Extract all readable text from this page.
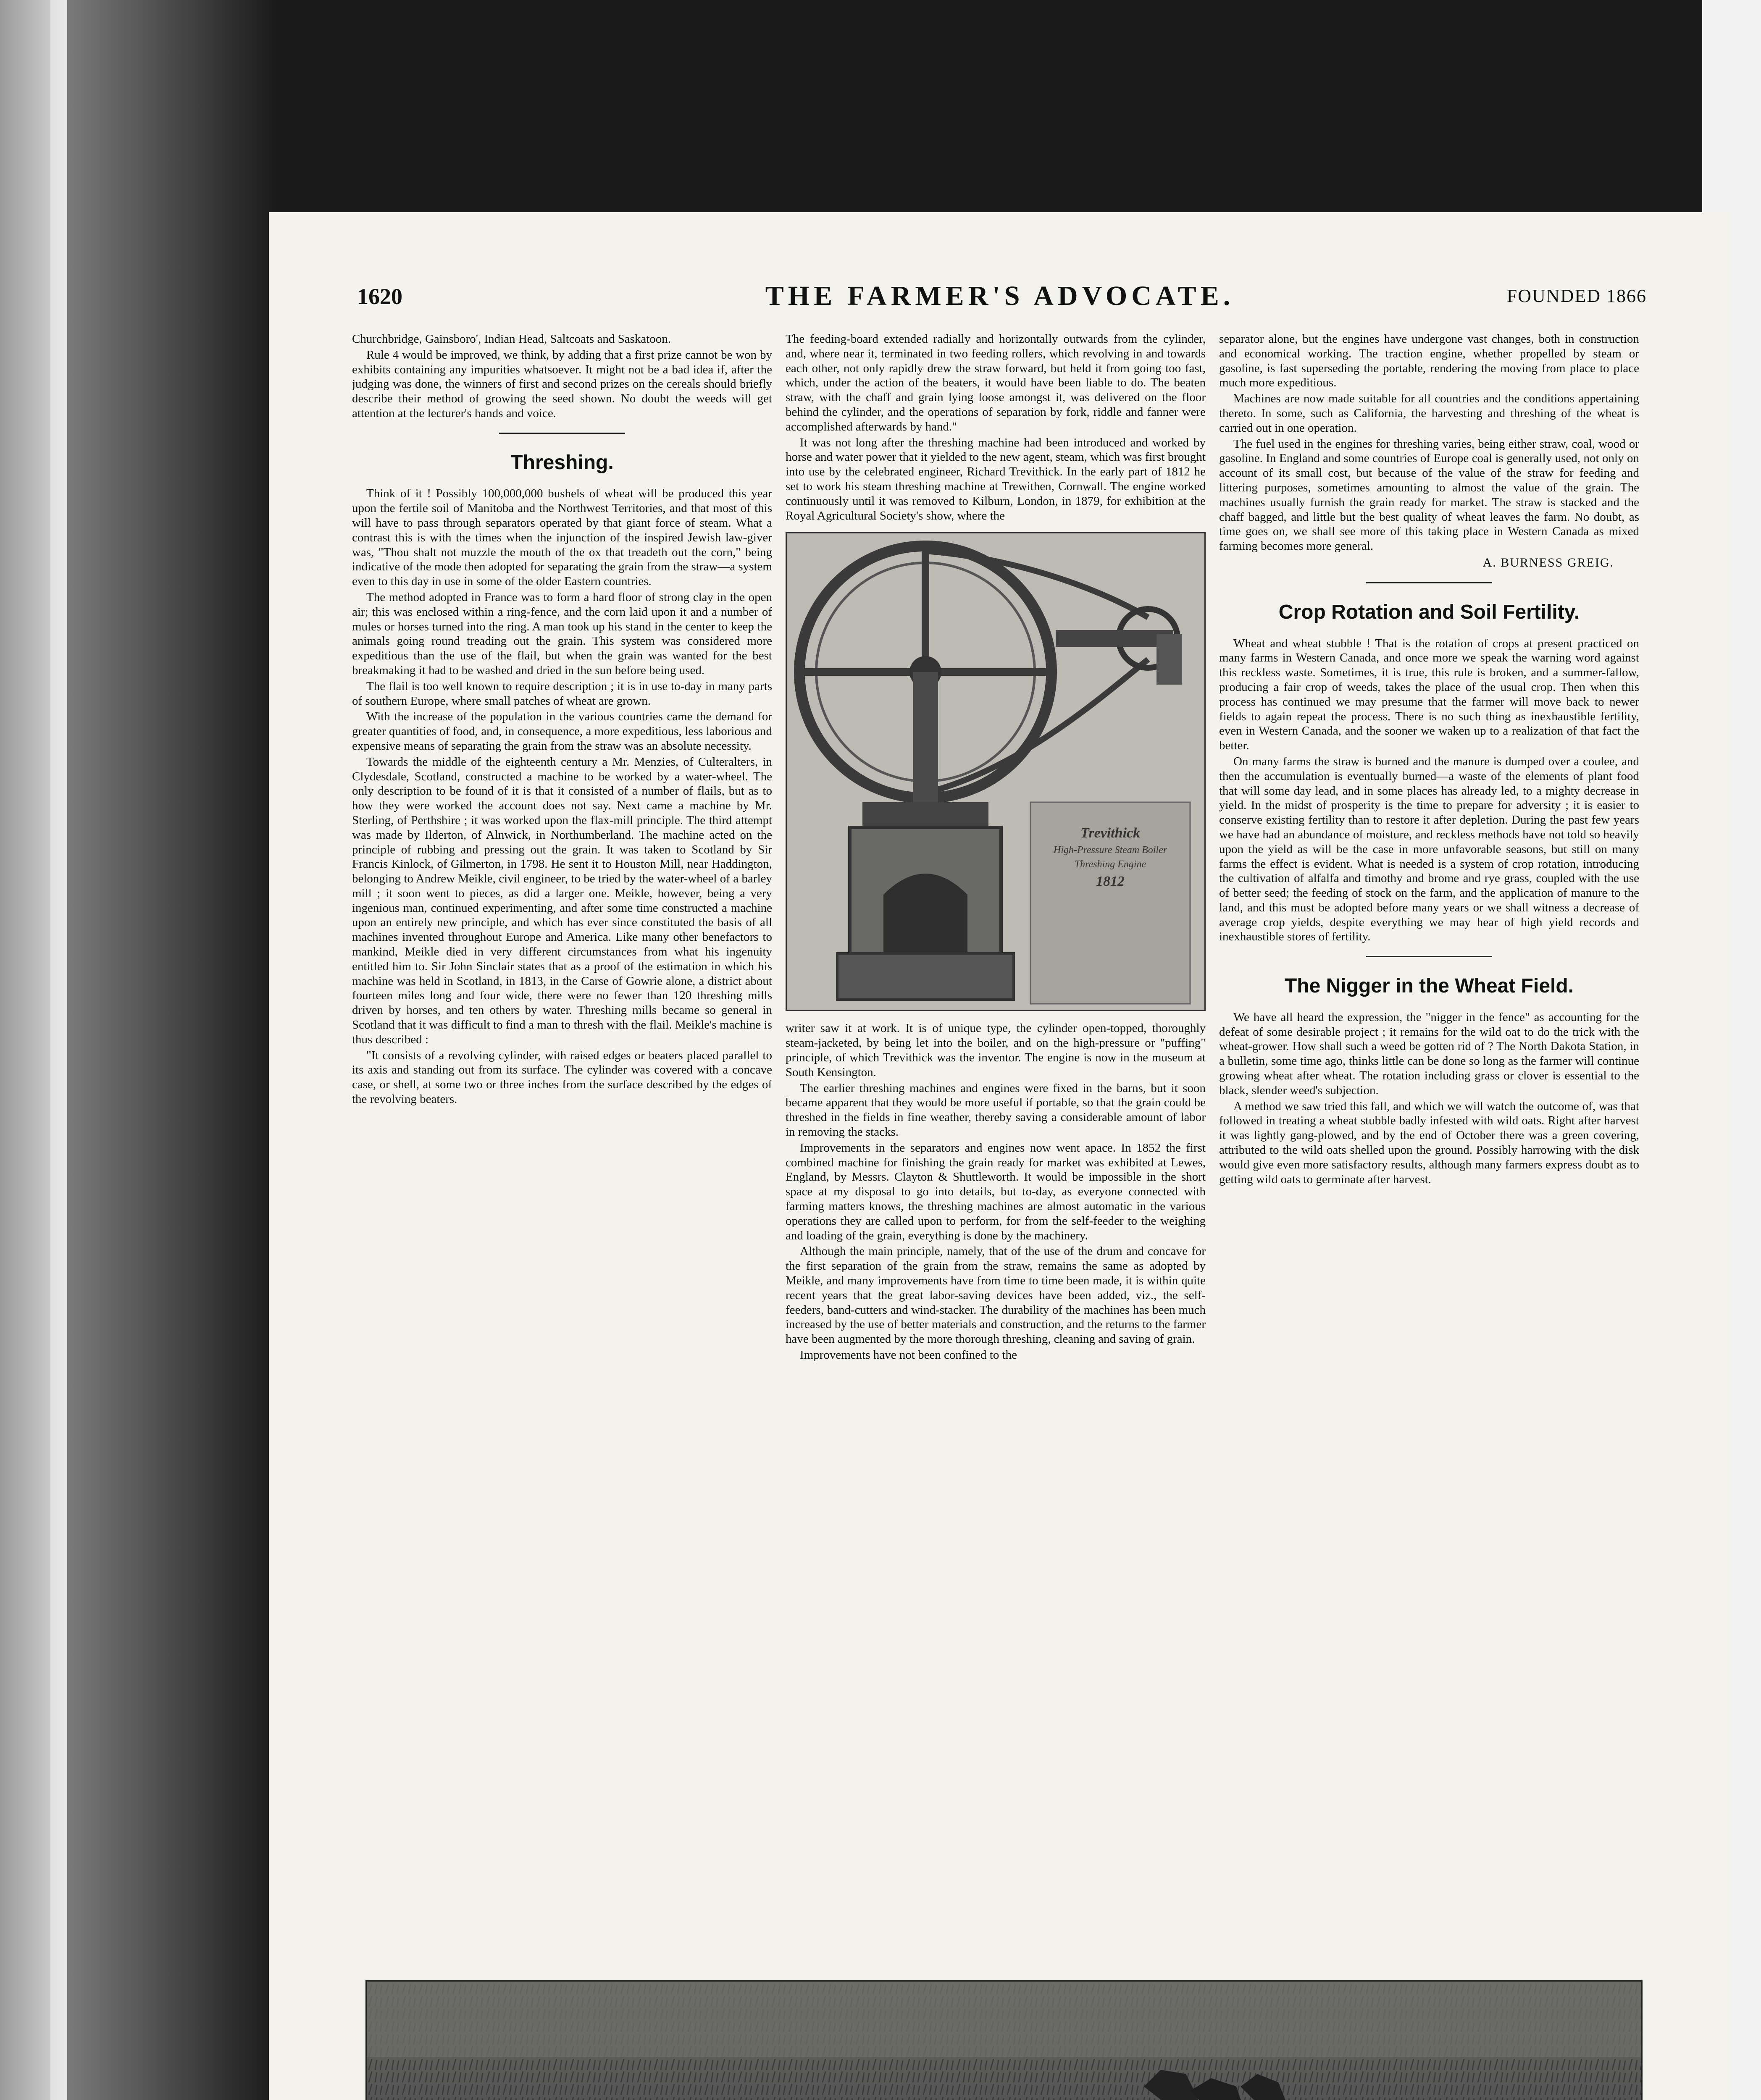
1620	THE FARMER'S ADVOCATE.	FOUNDED 1866

Churchbridge, Gainsboro', Indian Head, Saltcoats and Saskatoon.

Rule 4 would be improved, we think, by adding that a first prize cannot be won by exhibits containing any impurities whatsoever. It might not be a bad idea if, after the judging was done, the winners of first and second prizes on the cereals should briefly describe their method of growing the seed shown. No doubt the weeds will get attention at the lecturer's hands and voice.

Threshing.

Think of it ! Possibly 100,000,000 bushels of wheat will be produced this year upon the fertile soil of Manitoba and the Northwest Territories, and that most of this will have to pass through separators operated by that giant force of steam. What a contrast this is with the times when the injunction of the inspired Jewish law-giver was, "Thou shalt not muzzle the mouth of the ox that treadeth out the corn," being indicative of the mode then adopted for separating the grain from the straw—a system even to this day in use in some of the older Eastern countries.

The method adopted in France was to form a hard floor of strong clay in the open air; this was enclosed within a ring-fence, and the corn laid upon it and a number of mules or horses turned into the ring. A man took up his stand in the center to keep the animals going round treading out the grain. This system was considered more expeditious than the use of the flail, but when the grain was wanted for the best breakmaking it had to be washed and dried in the sun before being used.

The flail is too well known to require description ; it is in use to-day in many parts of southern Europe, where small patches of wheat are grown.

With the increase of the population in the various countries came the demand for greater quantities of food, and, in consequence, a more expeditious, less laborious and expensive means of separating the grain from the straw was an absolute necessity.

Towards the middle of the eighteenth century a Mr. Menzies, of Culteralters, in Clydesdale, Scotland, constructed a machine to be worked by a water-wheel. The only description to be found of it is that it consisted of a number of flails, but as to how they were worked the account does not say. Next came a machine by Mr. Sterling, of Perthshire ; it was worked upon the flax-mill principle. The third attempt was made by Ilderton, of Alnwick, in Northumberland. The machine acted on the principle of rubbing and pressing out the grain. It was taken to Scotland by Sir Francis Kinlock, of Gilmerton, in 1798. He sent it to Houston Mill, near Haddington, belonging to Andrew Meikle, civil engineer, to be tried by the water-wheel of a barley mill ; it soon went to pieces, as did a larger one. Meikle, however, being a very ingenious man, continued experimenting, and after some time constructed a machine upon an entirely new principle, and which has ever since constituted the basis of all machines invented throughout Europe and America. Like many other benefactors to mankind, Meikle died in very different circumstances from what his ingenuity entitled him to. Sir John Sinclair states that as a proof of the estimation in which his machine was held in Scotland, in 1813, in the Carse of Gowrie alone, a district about fourteen miles long and four wide, there were no fewer than 120 threshing mills driven by horses, and ten others by water. Threshing mills became so general in Scotland that it was difficult to find a man to thresh with the flail. Meikle's machine is thus described :

"It consists of a revolving cylinder, with raised edges or beaters placed parallel to its axis and standing out from its surface. The cylinder was covered with a concave case, or shell, at some two or three inches from the surface described by the edges of the revolving beaters.

The feeding-board extended radially and horizontally outwards from the cylinder, and, where near it, terminated in two feeding rollers, which revolving in and towards each other, not only rapidly drew the straw forward, but held it from going too fast, which, under the action of the beaters, it would have been liable to do. The beaten straw, with the chaff and grain lying loose amongst it, was delivered on the floor behind the cylinder, and the operations of separation by fork, riddle and fanner were accomplished afterwards by hand."

It was not long after the threshing machine had been introduced and worked by horse and water power that it yielded to the new agent, steam, which was first brought into use by the celebrated engineer, Richard Trevithick. In the early part of 1812 he set to work his steam threshing machine at Trewithen, Cornwall. The engine worked continuously until it was removed to Kilburn, London, in 1879, for exhibition at the Royal Agricultural Society's show, where the

Trevithick
High-Pressure Steam Boiler
Threshing Engine
1812

writer saw it at work. It is of unique type, the cylinder open-topped, thoroughly steam-jacketed, by being let into the boiler, and on the high-pressure or "puffing" principle, of which Trevithick was the inventor. The engine is now in the museum at South Kensington.

The earlier threshing machines and engines were fixed in the barns, but it soon became apparent that they would be more useful if portable, so that the grain could be threshed in the fields in fine weather, thereby saving a considerable amount of labor in removing the stacks.

Improvements in the separators and engines now went apace. In 1852 the first combined machine for finishing the grain ready for market was exhibited at Lewes, England, by Messrs. Clayton & Shuttleworth. It would be impossible in the short space at my disposal to go into details, but to-day, as everyone connected with farming matters knows, the threshing machines are almost automatic in the various operations they are called upon to perform, for from the self-feeder to the weighing and loading of the grain, everything is done by the machinery.

Although the main principle, namely, that of the use of the drum and concave for the first separation of the grain from the straw, remains the same as adopted by Meikle, and many improvements have from time to time been made, it is within quite recent years that the great labor-saving devices have been added, viz., the self-feeders, band-cutters and wind-stacker. The durability of the machines has been much increased by the use of better materials and construction, and the returns to the farmer have been augmented by the more thorough threshing, cleaning and saving of grain.

Improvements have not been confined to the

separator alone, but the engines have undergone vast changes, both in construction and economical working. The traction engine, whether propelled by steam or gasoline, is fast superseding the portable, rendering the moving from place to place much more expeditious.

Machines are now made suitable for all countries and the conditions appertaining thereto. In some, such as California, the harvesting and threshing of the wheat is carried out in one operation.

The fuel used in the engines for threshing varies, being either straw, coal, wood or gasoline. In England and some countries of Europe coal is generally used, not only on account of its small cost, but because of the value of the straw for feeding and littering purposes, sometimes amounting to almost the value of the grain. The machines usually furnish the grain ready for market. The straw is stacked and the chaff bagged, and little but the best quality of wheat leaves the farm. No doubt, as time goes on, we shall see more of this taking place in Western Canada as mixed farming becomes more general.

A. BURNESS GREIG.
Crop Rotation and Soil Fertility.

Wheat and wheat stubble ! That is the rotation of crops at present practiced on many farms in Western Canada, and once more we speak the warning word against this reckless waste. Sometimes, it is true, this rule is broken, and a summer-fallow, producing a fair crop of weeds, takes the place of the usual crop. Then when this process has continued we may presume that the farmer will move back to newer fields to again repeat the process. There is no such thing as inexhaustible fertility, even in Western Canada, and the sooner we waken up to a realization of that fact the better.

On many farms the straw is burned and the manure is dumped over a coulee, and then the accumulation is eventually burned—a waste of the elements of plant food that will some day lead, and in some places has already led, to a mighty decrease in yield. In the midst of prosperity is the time to prepare for adversity ; it is easier to conserve existing fertility than to restore it after depletion. During the past few years we have had an abundance of moisture, and reckless methods have not told so heavily upon the yield as will be the case in more unfavorable seasons, but still on many farms the effect is evident. What is needed is a system of crop rotation, introducing the cultivation of alfalfa and timothy and brome and rye grass, coupled with the use of better seed; the feeding of stock on the farm, and the application of manure to the land, and this must be adopted before many years or we shall witness a decrease of average crop yields, despite everything we may hear of high yield records and inexhaustible stores of fertility.

The Nigger in the Wheat Field.

We have all heard the expression, the "nigger in the fence" as accounting for the defeat of some desirable project ; it remains for the wild oat to do the trick with the wheat-grower. How shall such a weed be gotten rid of ? The North Dakota Station, in a bulletin, some time ago, thinks little can be done so long as the farmer will continue growing wheat after wheat. The rotation including grass or clover is essential to the black, slender weed's subjection.

A method we saw tried this fall, and which we will watch the outcome of, was that followed in treating a wheat stubble badly infested with wild oats. Right after harvest it was lightly gang-plowed, and by the end of October there was a green covering, attributed to the wild oats shelled upon the ground. Possibly harrowing with the disk would give even more satisfactory results, although many farmers express doubt as to getting wild oats to germinate after harvest.
